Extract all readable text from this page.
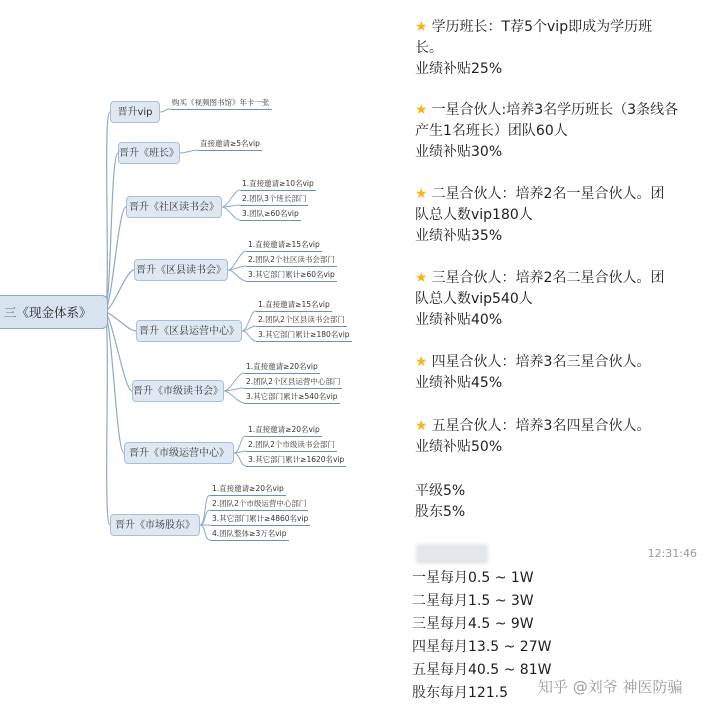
三《现金体系》
晋升vip
购买《视频图书馆》年卡一张
晋升《班长》
直接邀请≥5名vip
晋升《社区读书会》
1.直接邀请≥10名vip
2.团队3个班长部门
3.团队≥60名vip
晋升《区县读书会》
1.直接邀请≥15名vip
2.团队2个社区读书会部门
3.其它部门累计≥60名vip
晋升《区县运营中心》
1.直接邀请≥15名vip
2.团队2个区县读书会部门
3.其它部门累计≥180名vip
晋升《市级读书会》
1.直接邀请≥20名vip
2.团队2个区县运营中心部门
3.其它部门累计≥540名vip
晋升《市级运营中心》
1.直接邀请≥20名vip
2.团队2个市级读书会部门
3.其它部门累计≥1620名vip
晋升《市场股东》
1.直接邀请≥20名vip
2.团队2个市级运营中心部门
3.其它部门累计≥4860名vip
4.团队整体≥3万名vip
★ 学历班长：T荐5个vip即成为学历班
长。
业绩补贴25%
★ 一星合伙人:培养3名学历班长（3条线各
产生1名班长）团队60人
业绩补贴30%
★ 二星合伙人：培养2名一星合伙人。团
队总人数vip180人
业绩补贴35%
★ 三星合伙人：培养2名二星合伙人。团
队总人数vip540人
业绩补贴40%
★ 四星合伙人：培养3名三星合伙人。
业绩补贴45%
★ 五星合伙人：培养3名四星合伙人。
业绩补贴50%
平级5%
股东5%
12:31:46
一星每月0.5 ~ 1W
二星每月1.5 ~ 3W
三星每月4.5 ~ 9W
四星每月13.5 ~ 27W
五星每月40.5 ~ 81W
股东每月121.5 知乎 @刘爷 神医防骗
